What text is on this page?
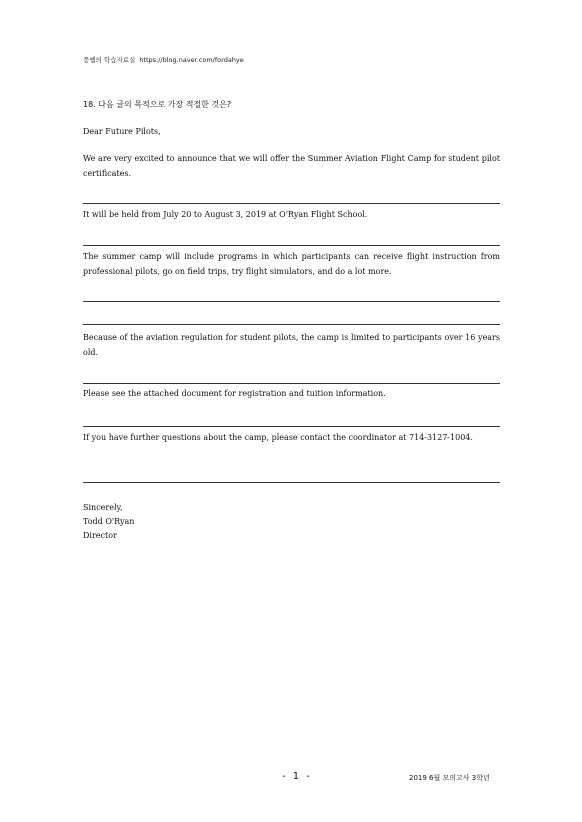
풍쌤의 학습자료실 https://blog.naver.com/fordahye
18. 다음 글의 목적으로 가장 적절한 것은?
Dear Future Pilots,
We are very excited to announce that we will offer the Summer Aviation Flight Camp for student pilot certificates.
It will be held from July 20 to August 3, 2019 at O'Ryan Flight School.
The summer camp will include programs in which participants can receive flight instruction from professional pilots, go on field trips, try flight simulators, and do a lot more.
Because of the aviation regulation for student pilots, the camp is limited to participants over 16 years old.
Please see the attached document for registration and tuition information.
If you have further questions about the camp, please contact the coordinator at 714-3127-1004.
Sincerely,
Todd O'Ryan
Director
- 1 -	2019 6월 모의고사 3학년
